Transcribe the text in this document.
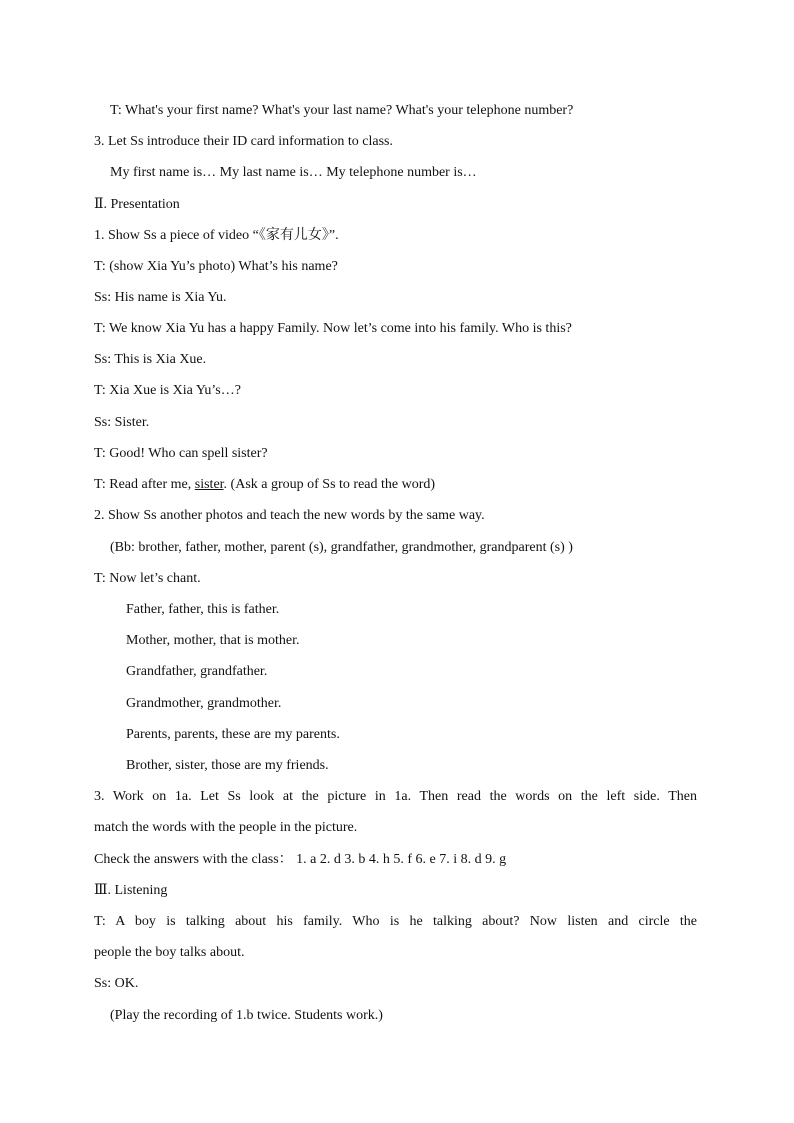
T: What's your first name? What's your last name? What's your telephone number?
3. Let Ss introduce their ID card information to class.
My first name is… My last name is… My telephone number is…
Ⅱ. Presentation
1. Show Ss a piece of video “《家有儿女》”.
T: (show Xia Yu’s photo) What’s his name?
Ss: His name is Xia Yu.
T: We know Xia Yu has a happy Family. Now let’s come into his family. Who is this?
Ss: This is Xia Xue.
T: Xia Xue is Xia Yu’s…?
Ss: Sister.
T: Good! Who can spell sister?
T: Read after me, sister. (Ask a group of Ss to read the word)
2. Show Ss another photos and teach the new words by the same way.
(Bb: brother, father, mother, parent (s), grandfather, grandmother, grandparent (s) )
T: Now let’s chant.
Father, father, this is father.
Mother, mother, that is mother.
Grandfather, grandfather.
Grandmother, grandmother.
Parents, parents, these are my parents.
Brother, sister, those are my friends.
3. Work on 1a. Let Ss look at the picture in 1a. Then read the words on the left side. Then
match the words with the people in the picture.
Check the answers with the class： 1. a 2. d 3. b 4. h 5. f 6. e 7. i 8. d 9. g
Ⅲ. Listening
T: A boy is talking about his family. Who is he talking about? Now listen and circle the
people the boy talks about.
Ss: OK.
(Play the recording of 1.b twice. Students work.)
